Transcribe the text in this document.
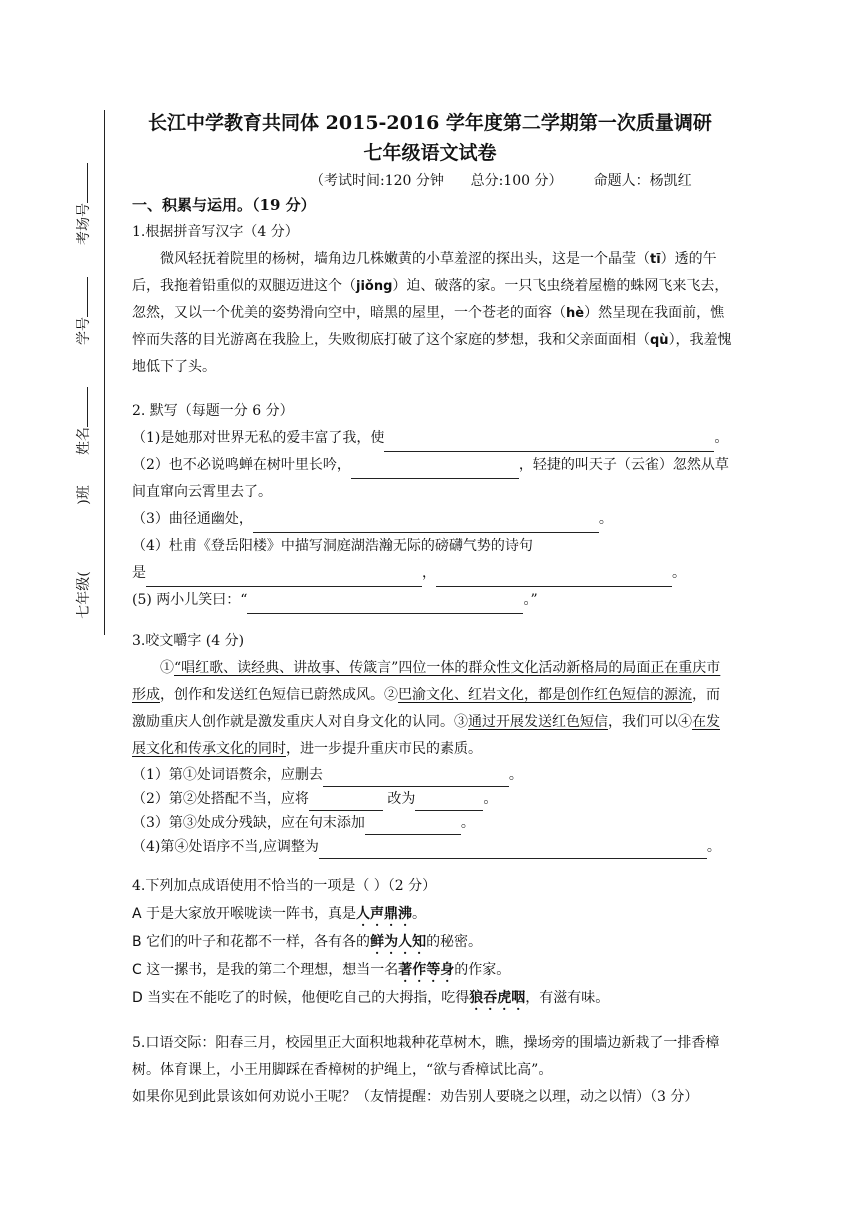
考场号
学号
姓名
)班
七年级(
长江中学教育共同体 2015-2016 学年度第二学期第一次质量调研
七年级语文试卷
（考试时间:120 分钟      总分:100 分）       命题人：杨凯红
一、积累与运用。（19 分）
1.根据拼音写汉字（4 分）
微风轻抚着院里的杨树，墙角边几株嫩黄的小草羞涩的探出头，这是一个晶莹（tī）透的午后，我拖着铅重似的双腿迈进这个（jiǒng）迫、破落的家。一只飞虫绕着屋檐的蛛网飞来飞去，忽然，又以一个优美的姿势滑向空中，暗黑的屋里，一个苍老的面容（hè）然呈现在我面前，憔悴而失落的目光游离在我脸上，失败彻底打破了这个家庭的梦想，我和父亲面面相（qù），我羞愧地低下了头。
2. 默写（每题一分 6 分）
（1)是她那对世界无私的爱丰富了我，使	。
（2）也不必说鸣蝉在树叶里长吟，	，轻捷的叫天子（云雀）忽然从草间直窜向云霄里去了。
（3）曲径通幽处，	。
（4）杜甫《登岳阳楼》中描写洞庭湖浩瀚无际的磅礴气势的诗句
是	，	。
(5) 两小儿笑曰：“	。”
3.咬文嚼字 (4 分)
①“唱红歌、读经典、讲故事、传箴言”四位一体的群众性文化活动新格局的局面正在重庆市形成，创作和发送红色短信已蔚然成风。②巴渝文化、红岩文化，都是创作红色短信的源流，而激励重庆人创作就是激发重庆人对自身文化的认同。③通过开展发送红色短信，我们可以④在发展文化和传承文化的同时，进一步提升重庆市民的素质。
（1）第①处词语赘余，应删去	。
（2）第②处搭配不当，应将	改为	。
（3）第③处成分残缺，应在句末添加	。
（4)第④处语序不当,应调整为	。
4.下列加点成语使用不恰当的一项是（ ）（2 分）
A 于是大家放开喉咙读一阵书，真是人声鼎沸。
B 它们的叶子和花都不一样，各有各的鲜为人知的秘密。
C 这一摞书，是我的第二个理想，想当一名著作等身的作家。
D 当实在不能吃了的时候，他便吃自己的大拇指，吃得狼吞虎咽，有滋有味。
5.口语交际：阳春三月，校园里正大面积地栽种花草树木，瞧，操场旁的围墙边新栽了一排香樟树。体育课上，小王用脚踩在香樟树的护绳上，“欲与香樟试比高”。
如果你见到此景该如何劝说小王呢？（友情提醒：劝告别人要晓之以理，动之以情）（3 分）
